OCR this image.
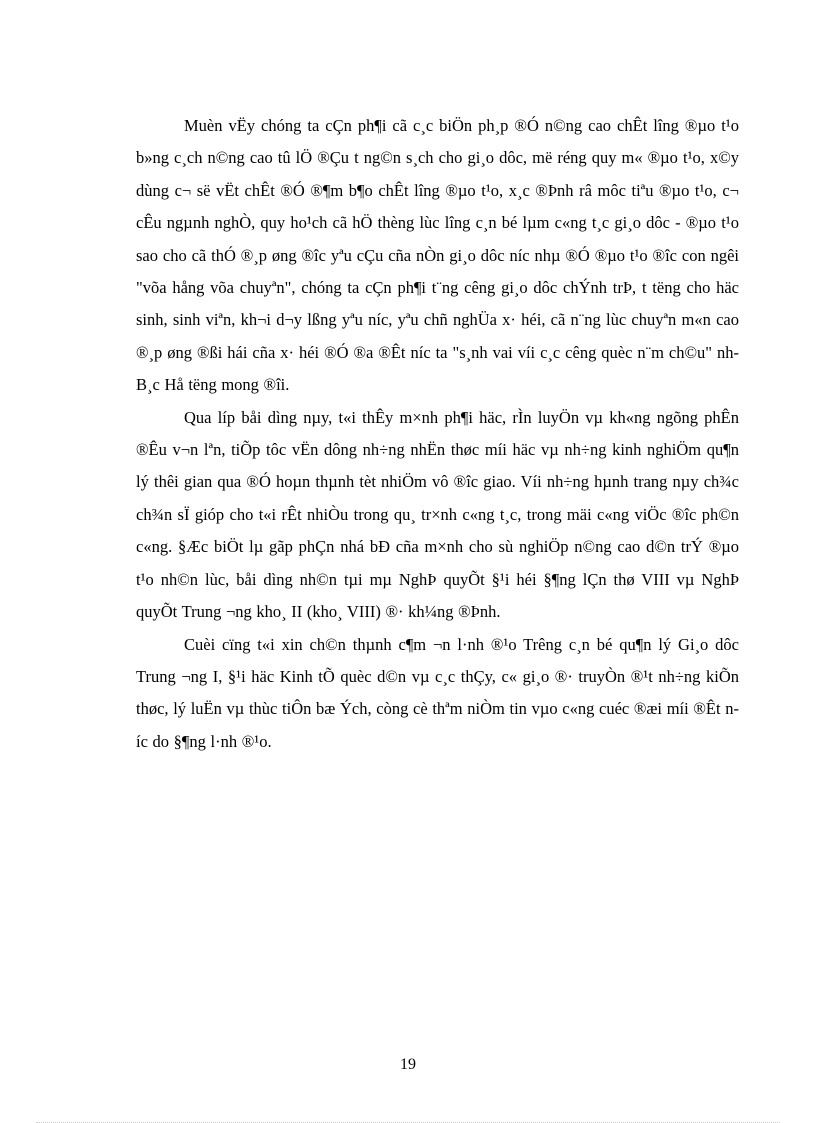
Muèn vËy chóng ta cÇn ph¶i cã c¸c biÖn ph¸p ®Ó n©ng cao chÊt lîng ®µo t¹o b»ng c¸ch n©ng cao tû lÖ ®Çu t ng©n s¸ch cho gi¸o dôc, më réng quy m« ®µo t¹o, x©y dùng c¬ së vËt chÊt ®Ó ®¶m b¶o chÊt lîng ®µo t¹o, x¸c ®Þnh râ môc tiªu ®µo t¹o, c¬ cÊu ngµnh nghÒ, quy ho¹ch cã hÖ thèng lùc lîng c¸n bé lµm c«ng t¸c gi¸o dôc - ®µo t¹o sao cho cã thÓ ®¸p øng ®îc yªu cÇu cña nÒn gi¸o dôc níc nhµ ®Ó ®µo t¹o ®îc con ngêi "võa hång võa chuyªn", chóng ta cÇn ph¶i t¨ng cêng gi¸o dôc chÝnh trÞ, t tëng cho häc sinh, sinh viªn, kh¬i d¬y lßng yªu níc, yªu chñ nghÜa x· héi, cã n¨ng lùc chuyªn m«n cao ®¸p øng ®ßi hái cña x· héi ®Ó ®a ®Êt níc ta "s¸nh vai víi c¸c cêng quèc n¨m ch©u" nh B¸c Hå tëng mong ®îi.

Qua líp båi dìng nµy, t«i thÊy m×nh ph¶i häc, rÌn luyÖn vµ kh«ng ngõng phÊn ®Êu v¬n lªn, tiÕp tôc vËn dông nh÷ng nhËn thøc míi häc vµ nh÷ng kinh nghiÖm qu¶n lý thêi gian qua ®Ó hoµn thµnh tèt nhiÖm vô ®îc giao. Víi nh÷ng hµnh trang nµy ch¾c ch¾n sÏ gióp cho t«i rÊt nhiÒu trong qu¸ tr×nh c«ng t¸c, trong mäi c«ng viÖc ®îc ph©n c«ng. §Æc biÖt lµ gãp phÇn nhá bÐ cña m×nh cho sù nghiÖp n©ng cao d©n trÝ ®µo t¹o nh©n lùc, båi dìng nh©n tµi mµ NghÞ quyÕt §¹i héi §¶ng lÇn thø VIII vµ NghÞ quyÕt Trung ¬ng kho¸ II (kho¸ VIII) ®· kh¼ng ®Þnh.

Cuèi cïng t«i xin ch©n thµnh c¶m ¬n l·nh ®¹o Trêng c¸n bé qu¶n lý Gi¸o dôc Trung ¬ng I, §¹i häc Kinh tÕ quèc d©n vµ c¸c thÇy, c« gi¸o ®· truyÒn ®¹t nh÷ng kiÕn thøc, lý luËn vµ thùc tiÔn bæ Ých, còng cè thªm niÒm tin vµo c«ng cuéc ®æi míi ®Êt níc do §¶ng l·nh ®¹o.

19
